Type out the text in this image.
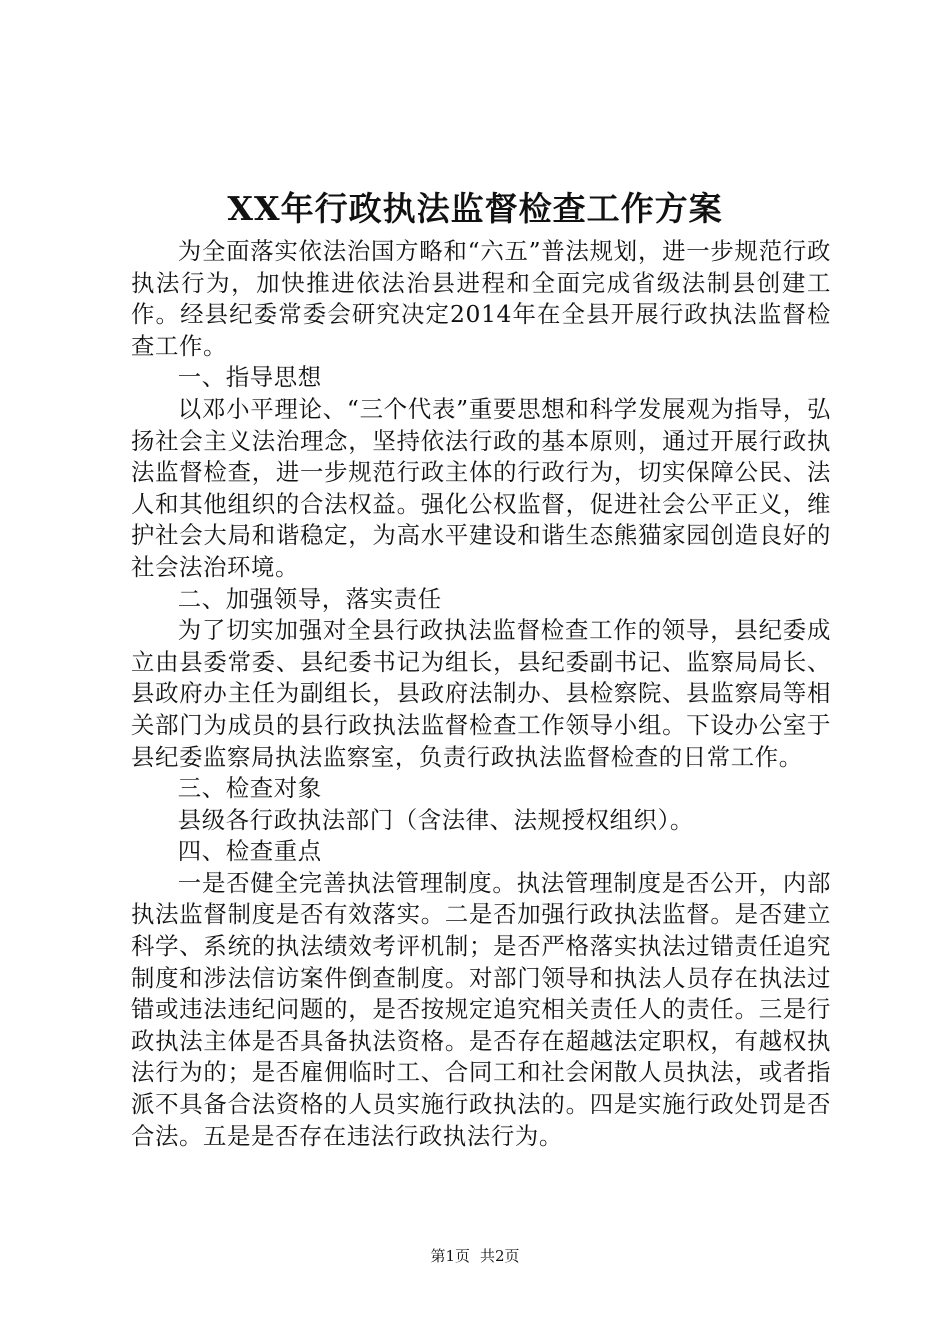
XX年行政执法监督检查工作方案

为全面落实依法治国方略和“六五”普法规划，进一步规范行政执法行为，加快推进依法治县进程和全面完成省级法制县创建工作。经县纪委常委会研究决定2014年在全县开展行政执法监督检查工作。

一、指导思想

以邓小平理论、“三个代表”重要思想和科学发展观为指导，弘扬社会主义法治理念，坚持依法行政的基本原则，通过开展行政执法监督检查，进一步规范行政主体的行政行为，切实保障公民、法人和其他组织的合法权益。强化公权监督，促进社会公平正义，维护社会大局和谐稳定，为高水平建设和谐生态熊猫家园创造良好的社会法治环境。

二、加强领导，落实责任

为了切实加强对全县行政执法监督检查工作的领导，县纪委成立由县委常委、县纪委书记为组长，县纪委副书记、监察局局长、县政府办主任为副组长，县政府法制办、县检察院、县监察局等相关部门为成员的县行政执法监督检查工作领导小组。下设办公室于县纪委监察局执法监察室，负责行政执法监督检查的日常工作。

三、检查对象

县级各行政执法部门（含法律、法规授权组织）。

四、检查重点

一是否健全完善执法管理制度。执法管理制度是否公开，内部执法监督制度是否有效落实。二是否加强行政执法监督。是否建立科学、系统的执法绩效考评机制；是否严格落实执法过错责任追究制度和涉法信访案件倒查制度。对部门领导和执法人员存在执法过错或违法违纪问题的，是否按规定追究相关责任人的责任。三是行政执法主体是否具备执法资格。是否存在超越法定职权，有越权执法行为的；是否雇佣临时工、合同工和社会闲散人员执法，或者指派不具备合法资格的人员实施行政执法的。四是实施行政处罚是否合法。五是是否存在违法行政执法行为。

第1页 共2页
